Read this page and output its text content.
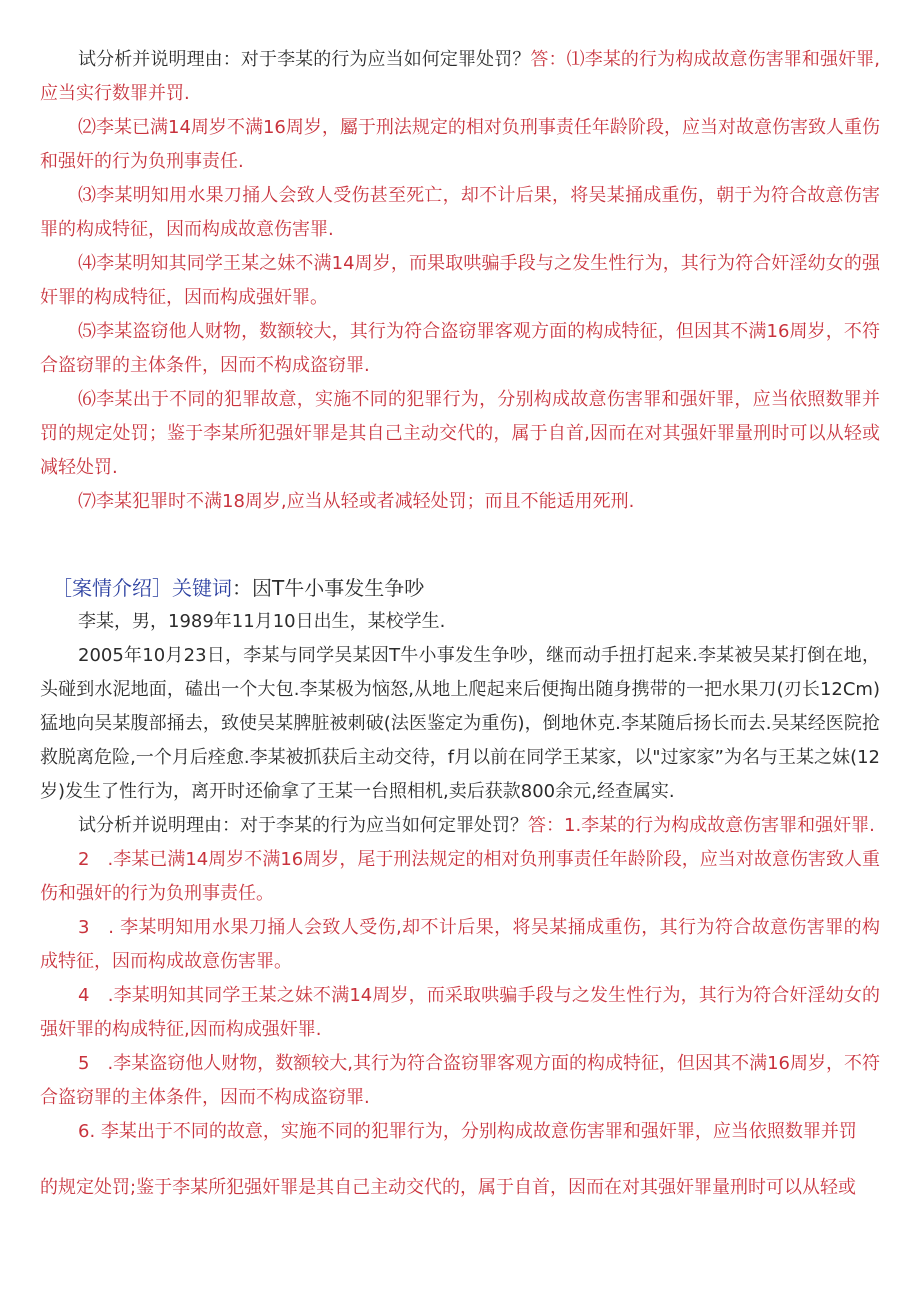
试分析并说明理由：对于李某的行为应当如何定罪处罚？答：⑴李某的行为构成故意伤害罪和强奸罪,应当实行数罪并罚.

⑵李某已满14周岁不满16周岁，屬于刑法规定的相对负刑事责任年龄阶段，应当对故意伤害致人重伤和强奸的行为负刑事责任.

⑶李某明知用水果刀捅人会致人受伤甚至死亡，却不计后果，将吴某捅成重伤，朝于为符合故意伤害罪的构成特征，因而构成故意伤害罪.

⑷李某明知其同学王某之妹不满14周岁，而果取哄骗手段与之发生性行为，其行为符合奸淫幼女的强奸罪的构成特征，因而构成强奸罪。

⑸李某盗窃他人财物，数额较大，其行为符合盗窃罪客观方面的构成特征，但因其不满16周岁，不符合盗窃罪的主体条件，因而不构成盗窃罪.

⑹李某出于不同的犯罪故意，实施不同的犯罪行为，分别构成故意伤害罪和强奸罪，应当依照数罪并罚的规定处罚；鉴于李某所犯强奸罪是其自己主动交代的，属于自首,因而在对其强奸罪量刑时可以从轻或减轻处罚.

⑺李某犯罪时不满18周岁,应当从轻或者减轻处罚；而且不能适用死刑.

［案情介绍］关键词：因T牛小事发生争吵

李某，男，1989年11月10日出生，某校学生.

2005年10月23日，李某与同学吴某因T牛小事发生争吵，继而动手扭打起来.李某被吴某打倒在地，头碰到水泥地面，磕出一个大包.李某极为恼怒,从地上爬起来后便掏出随身携带的一把水果刀(刃长12Cm)猛地向吴某腹部捅去，致使吴某脾脏被刺破(法医鉴定为重伤)，倒地休克.李某随后扬长而去.吴某经医院抢救脱离危险,一个月后痊愈.李某被抓获后主动交待，f月以前在同学王某家，以"过家家”为名与王某之妹(12岁)发生了性行为，离开时还偷拿了王某一台照相机,卖后获款800余元,经查属实.

试分析并说明理由：对于李某的行为应当如何定罪处罚？答：1.李某的行为构成故意伤害罪和强奸罪.

2　.李某已满14周岁不满16周岁，尾于刑法规定的相对负刑事责任年龄阶段，应当对故意伤害致人重伤和强奸的行为负刑事责任。

3　. 李某明知用水果刀捅人会致人受伤,却不计后果，将吴某捅成重伤，其行为符合故意伤害罪的构成特征，因而构成故意伤害罪。

4　.李某明知其同学王某之妹不满14周岁，而采取哄骗手段与之发生性行为，其行为符合奸淫幼女的强奸罪的构成特征,因而构成强奸罪.

5　.李某盗窃他人财物，数额较大,其行为符合盗窃罪客观方面的构成特征，但因其不满16周岁，不符合盗窃罪的主体条件，因而不构成盗窃罪.

6. 李某出于不同的故意，实施不同的犯罪行为，分别构成故意伤害罪和强奸罪，应当依照数罪并罚

的规定处罚;鉴于李某所犯强奸罪是其自己主动交代的，属于自首，因而在对其强奸罪量刑时可以从轻或
